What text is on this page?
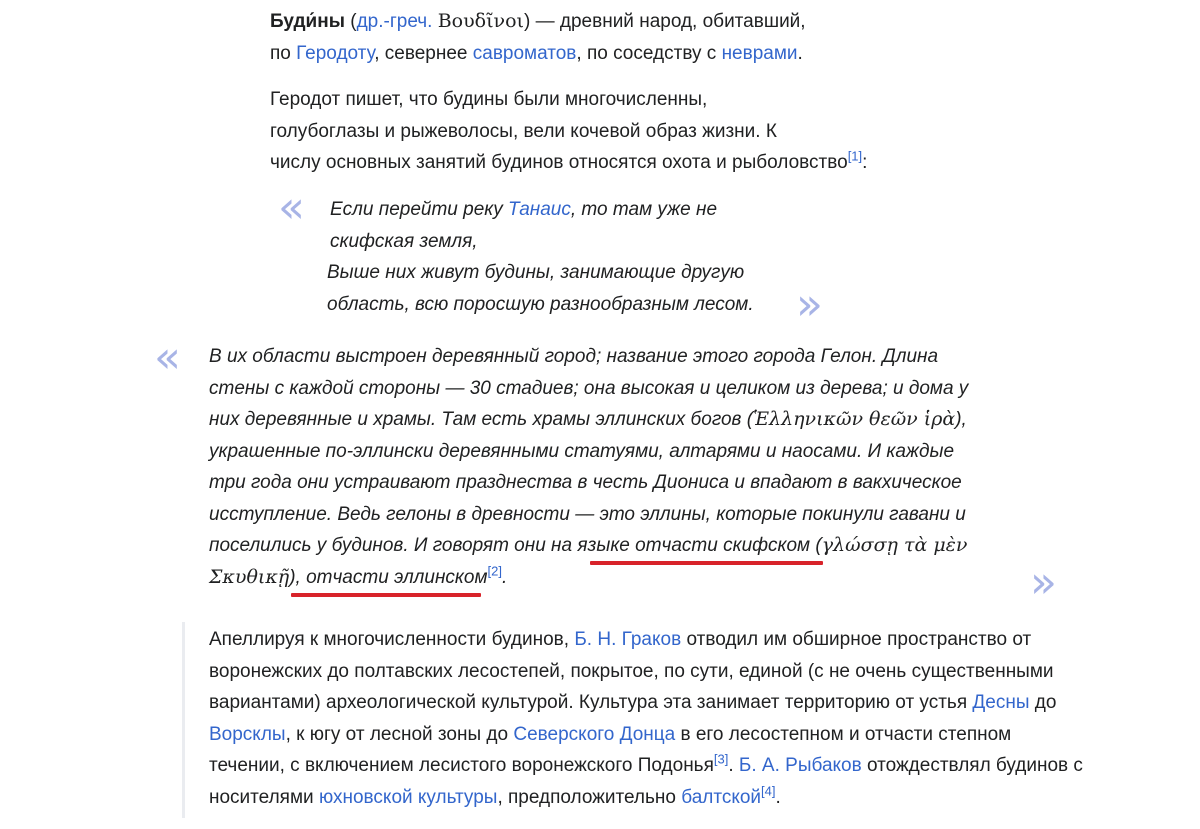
Буди́ны (др.-греч. Βουδῖνοι) — древний народ, обитавший,
по Геродоту, севернее савроматов, по соседству с неврами.
Геродот пишет, что будины были многочисленны,
голубоглазы и рыжеволосы, вели кочевой образ жизни. К
числу основных занятий будинов относятся охота и рыболовство[1]:
« Если перейти реку Танаис, то там уже не
скифская земля,
Выше них живут будины, занимающие другую
область, всю поросшую разнообразным лесом. »
« В их области выстроен деревянный город; название этого города Гелон. Длина
стены с каждой стороны — 30 стадиев; она высокая и целиком из дерева; и дома у
них деревянные и храмы. Там есть храмы эллинских богов (Ἑλληνικῶν θεῶν ἱρὰ),
украшенные по-эллински деревянными статуями, алтарями и наосами. И каждые
три года они устраивают празднества в честь Диониса и впадают в вакхическое
исступление. Ведь гелоны в древности — это эллины, которые покинули гавани и
поселились у будинов. И говорят они на языке отчасти скифском (γλώσσῃ τὰ μὲν
Σκυθικῇ), отчасти эллинском[2].	»
Апеллируя к многочисленности будинов, Б. Н. Граков отводил им обширное пространство от
воронежских до полтавских лесостепей, покрытое, по сути, единой (с не очень существенными
вариантами) археологической культурой. Культура эта занимает территорию от устья Десны до
Ворсклы, к югу от лесной зоны до Северского Донца в его лесостепном и отчасти степном
течении, с включением лесистого воронежского Подонья[3]. Б. А. Рыбаков отождествлял будинов с
носителями юхновской культуры, предположительно балтской[4].
